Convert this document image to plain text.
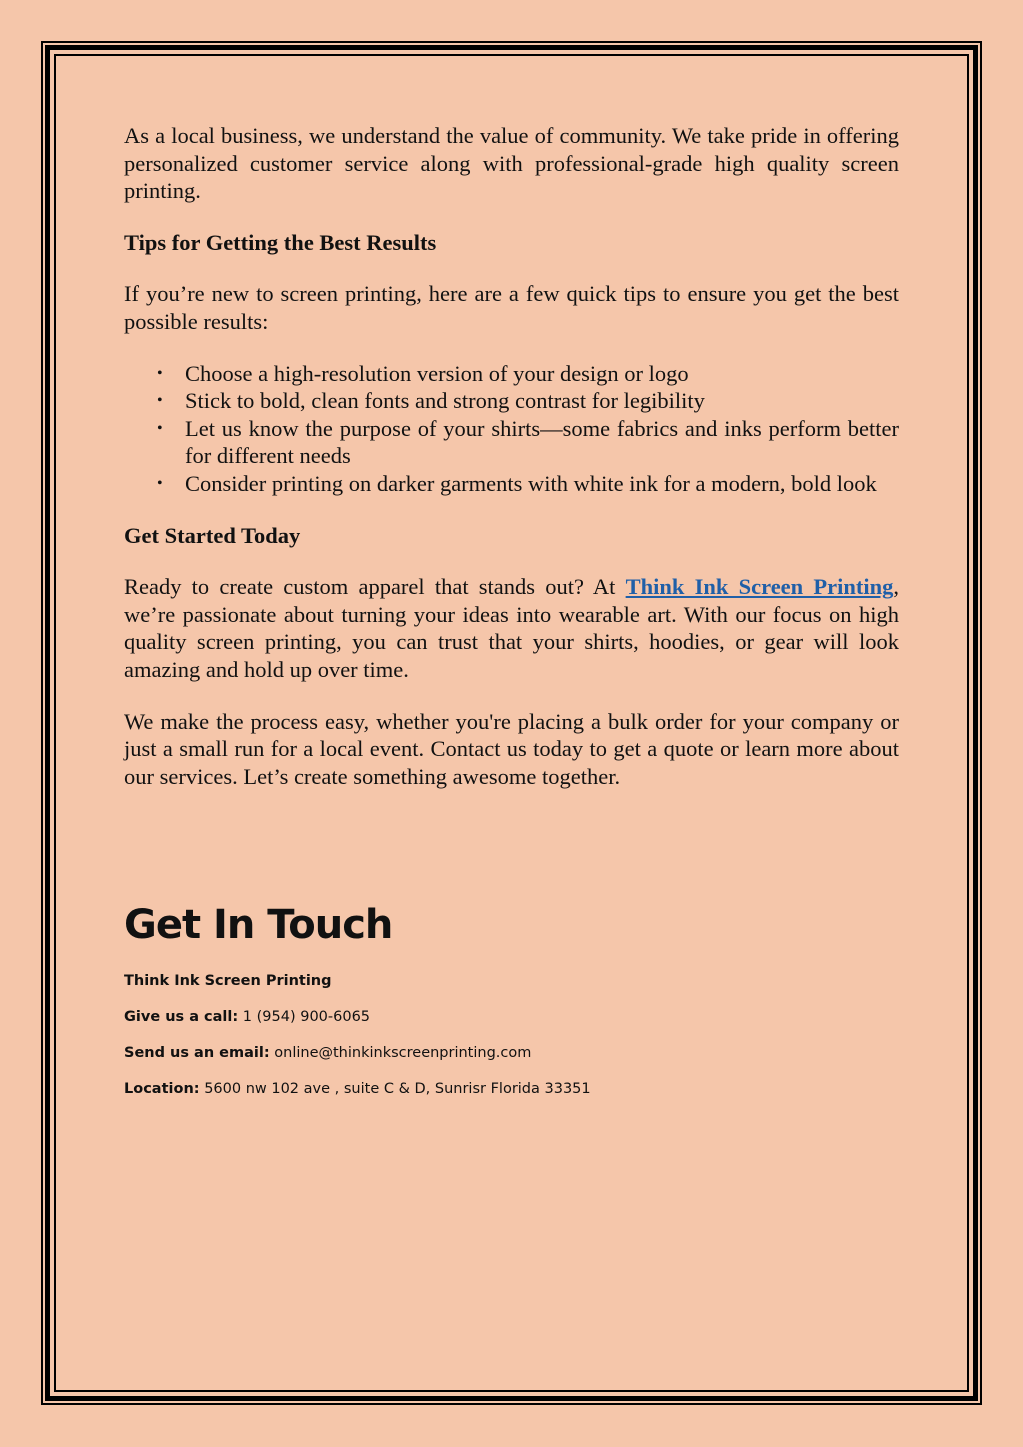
As a local business, we understand the value of community. We take pride in offering personalized customer service along with professional-grade high quality screen printing.

Tips for Getting the Best Results

If you’re new to screen printing, here are a few quick tips to ensure you get the best possible results:

• Choose a high-resolution version of your design or logo
• Stick to bold, clean fonts and strong contrast for legibility
• Let us know the purpose of your shirts—some fabrics and inks perform better for different needs
• Consider printing on darker garments with white ink for a modern, bold look
Get Started Today

Ready to create custom apparel that stands out? At Think Ink Screen Printing, we’re passionate about turning your ideas into wearable art. With our focus on high quality screen printing, you can trust that your shirts, hoodies, or gear will look amazing and hold up over time.

We make the process easy, whether you're placing a bulk order for your company or just a small run for a local event. Contact us today to get a quote or learn more about our services. Let’s create something awesome together.

Get In Touch
Think Ink Screen Printing
Give us a call: 1 (954) 900-6065
Send us an email: online@thinkinkscreenprinting.com
Location: 5600 nw 102 ave , suite C & D, Sunrisr Florida 33351
